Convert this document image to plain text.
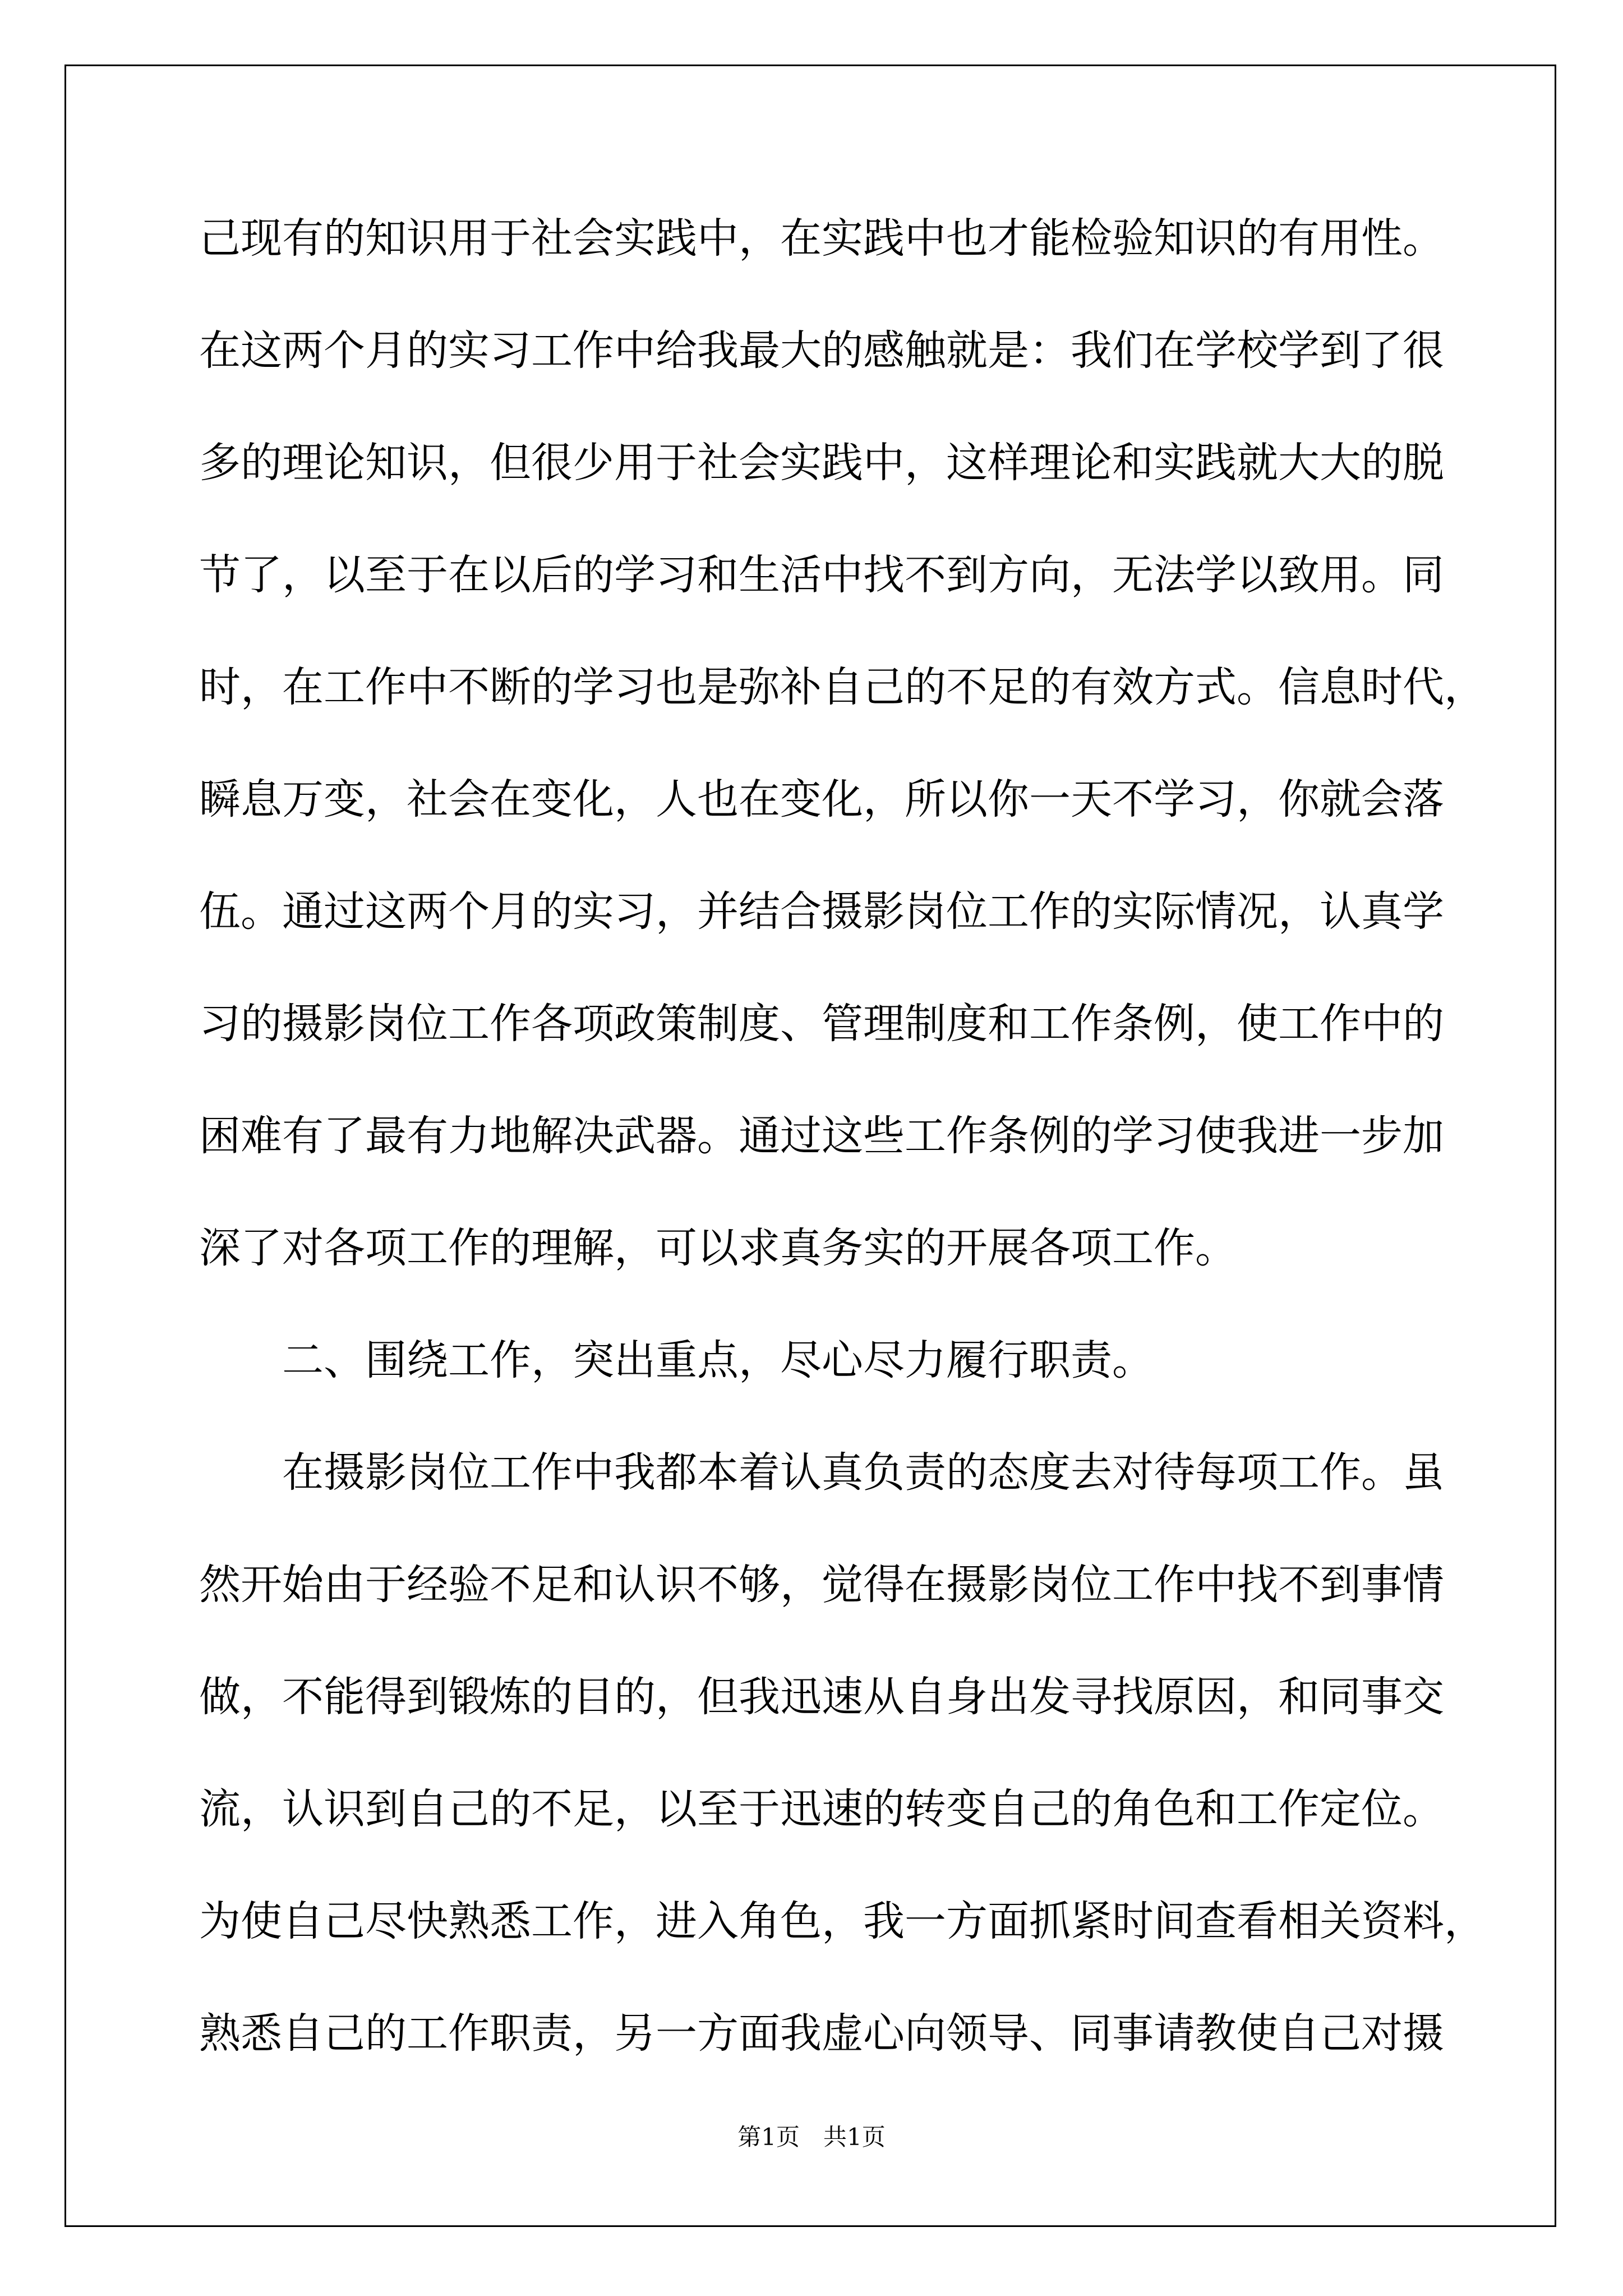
己现有的知识用于社会实践中，在实践中也才能检验知识的有用性。
在这两个月的实习工作中给我最大的感触就是：我们在学校学到了很
多的理论知识，但很少用于社会实践中，这样理论和实践就大大的脱
节了，以至于在以后的学习和生活中找不到方向，无法学以致用。同
时，在工作中不断的学习也是弥补自己的不足的有效方式。信息时代，
瞬息万变，社会在变化，人也在变化，所以你一天不学习，你就会落
伍。通过这两个月的实习，并结合摄影岗位工作的实际情况，认真学
习的摄影岗位工作各项政策制度、管理制度和工作条例，使工作中的
困难有了最有力地解决武器。通过这些工作条例的学习使我进一步加
深了对各项工作的理解，可以求真务实的开展各项工作。
二、围绕工作，突出重点，尽心尽力履行职责。
在摄影岗位工作中我都本着认真负责的态度去对待每项工作。虽
然开始由于经验不足和认识不够，觉得在摄影岗位工作中找不到事情
做，不能得到锻炼的目的，但我迅速从自身出发寻找原因，和同事交
流，认识到自己的不足，以至于迅速的转变自己的角色和工作定位。
为使自己尽快熟悉工作，进入角色，我一方面抓紧时间查看相关资料，
熟悉自己的工作职责，另一方面我虚心向领导、同事请教使自己对摄
第1页　共1页
